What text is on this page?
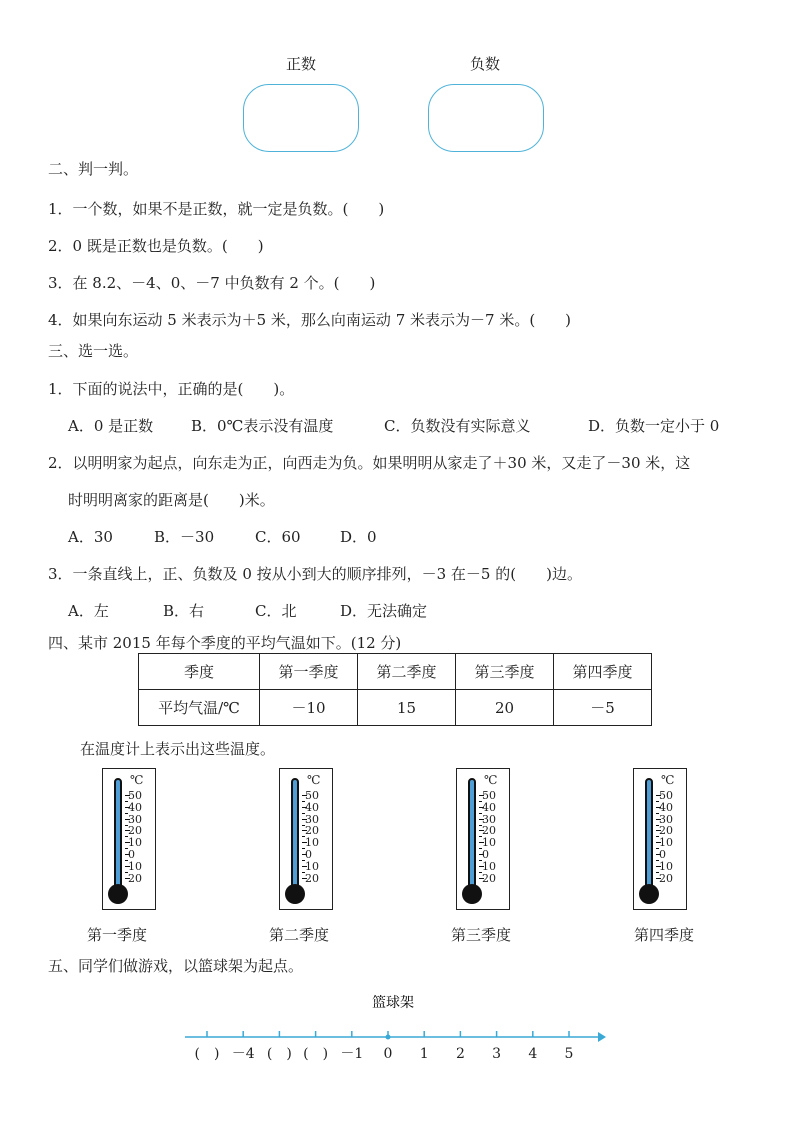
正数	负数
二、判一判。
1．一个数，如果不是正数，就一定是负数。(　　)
2．0 既是正数也是负数。(　　)
3．在 8.2、－4、0、－7 中负数有 2 个。(　　)
4．如果向东运动 5 米表示为＋5 米，那么向南运动 7 米表示为－7 米。(　　)
三、选一选。
1．下面的说法中，正确的是(　　)。
A．0 是正数	B．0℃表示没有温度	C．负数没有实际意义	D．负数一定小于 0
2．以明明家为起点，向东走为正，向西走为负。如果明明从家走了＋30 米，又走了－30 米，这
时明明离家的距离是(　　)米。
A．30	B．－30	C．60	D．0
3．一条直线上，正、负数及 0 按从小到大的顺序排列，－3 在－5 的(　　)边。
A．左	B．右	C．北	D．无法确定
四、某市 2015 年每个季度的平均气温如下。(12 分)
季度	第一季度	第二季度	第三季度	第四季度
平均气温/℃	－10	15	20	－5
在温度计上表示出这些温度。
℃
50
40
30
20
10
0
10
20
℃
50
40
30
20
10
0
10
20
℃
50
40
30
20
10
0
10
20
℃
50
40
30
20
10
0
10
20
第一季度	第二季度	第三季度	第四季度
五、同学们做游戏，以篮球架为起点。
篮球架
(　) －4 (　) (　) －1 0 1 2 3 4 5
